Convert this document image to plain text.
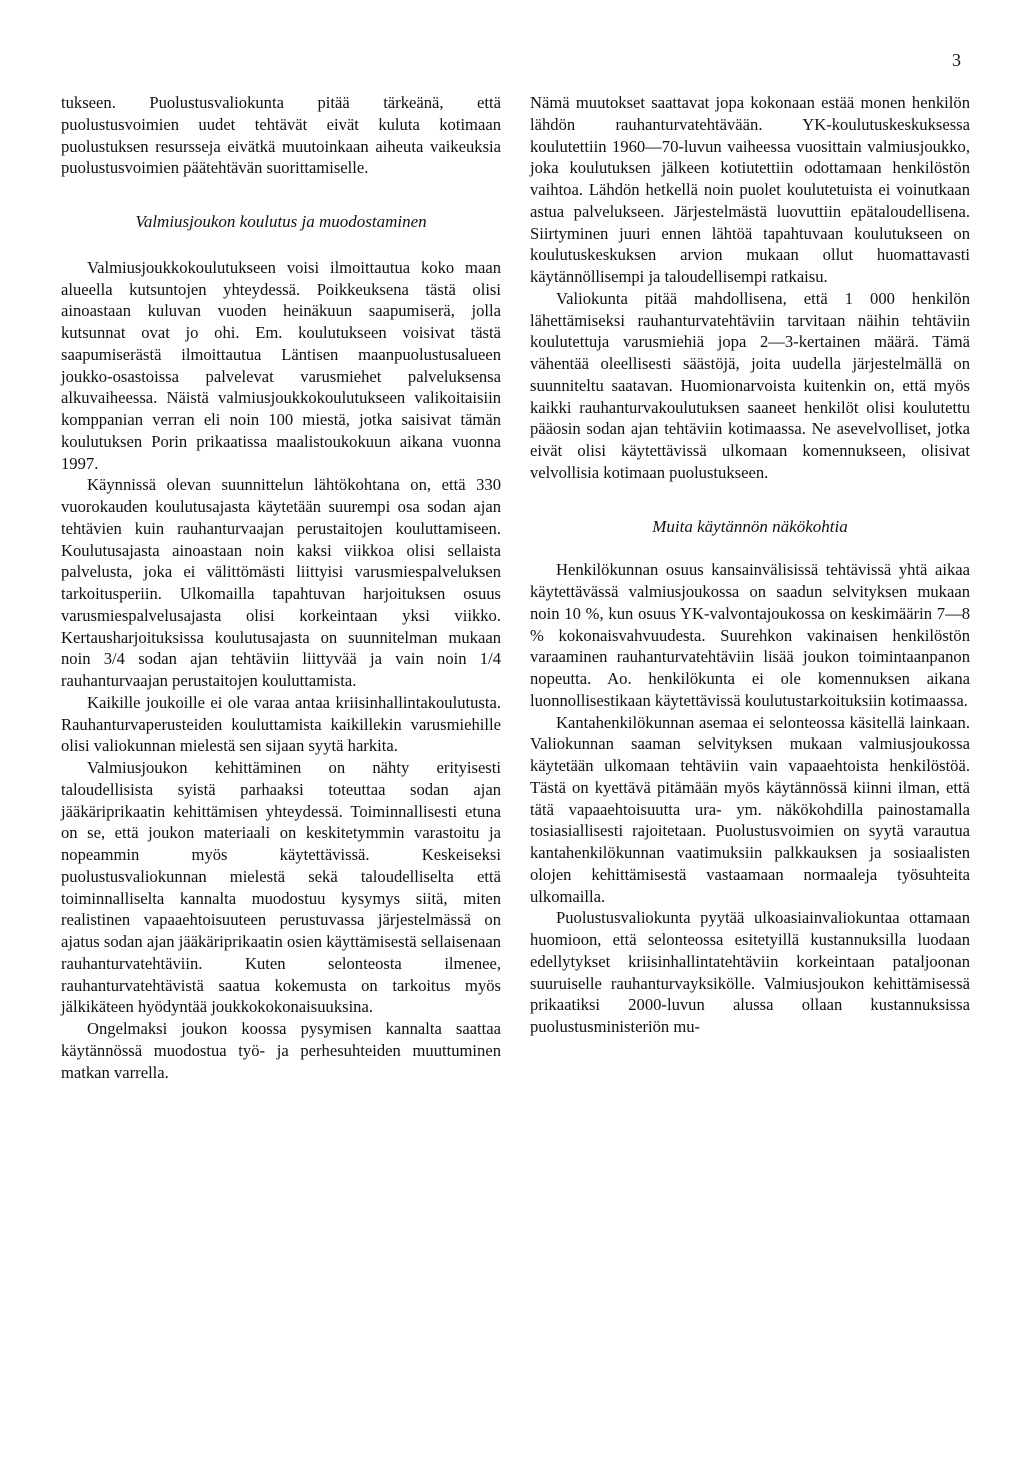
3

tukseen. Puolustusvaliokunta pitää tärkeänä, että puolustusvoimien uudet tehtävät eivät kuluta kotimaan puolustuksen resursseja eivätkä muutoinkaan aiheuta vaikeuksia puolustusvoimien päätehtävän suorittamiselle.

Valmiusjoukon koulutus ja muodostaminen

Valmiusjoukkokoulutukseen voisi ilmoittautua koko maan alueella kutsuntojen yhteydessä. Poikkeuksena tästä olisi ainoastaan kuluvan vuoden heinäkuun saapumiserä, jolla kutsunnat ovat jo ohi. Em. koulutukseen voisivat tästä saapumiserästä ilmoittautua Läntisen maanpuolustusalueen joukko-osastoissa palvelevat varusmiehet palveluksensa alkuvaiheessa. Näistä valmiusjoukkokoulutukseen valikoitaisiin komppanian verran eli noin 100 miestä, jotka saisivat tämän koulutuksen Porin prikaatissa maalistoukokuun aikana vuonna 1997.

Käynnissä olevan suunnittelun lähtökohtana on, että 330 vuorokauden koulutusajasta käytetään suurempi osa sodan ajan tehtävien kuin rauhanturvaajan perustaitojen kouluttamiseen. Koulutusajasta ainoastaan noin kaksi viikkoa olisi sellaista palvelusta, joka ei välittömästi liittyisi varusmiespalveluksen tarkoitusperiin. Ulkomailla tapahtuvan harjoituksen osuus varusmiespalvelusajasta olisi korkeintaan yksi viikko. Kertausharjoituksissa koulutusajasta on suunnitelman mukaan noin 3/4 sodan ajan tehtäviin liittyvää ja vain noin 1/4 rauhanturvaajan perustaitojen kouluttamista.

Kaikille joukoille ei ole varaa antaa kriisinhallintakoulutusta. Rauhanturvaperusteiden kouluttamista kaikillekin varusmiehille olisi valiokunnan mielestä sen sijaan syytä harkita.

Valmiusjoukon kehittäminen on nähty erityisesti taloudellisista syistä parhaaksi toteuttaa sodan ajan jääkäriprikaatin kehittämisen yhteydessä. Toiminnallisesti etuna on se, että joukon materiaali on keskitetymmin varastoitu ja nopeammin myös käytettävissä. Keskeiseksi puolustusvaliokunnan mielestä sekä taloudelliselta että toiminnalliselta kannalta muodostuu kysymys siitä, miten realistinen vapaaehtoisuuteen perustuvassa järjestelmässä on ajatus sodan ajan jääkäriprikaatin osien käyttämisestä sellaisenaan rauhanturvatehtäviin. Kuten selonteosta ilmenee, rauhanturvatehtävistä saatua kokemusta on tarkoitus myös jälkikäteen hyödyntää joukkokokonaisuuksina.

Ongelmaksi joukon koossa pysymisen kannalta saattaa käytännössä muodostua työ- ja perhesuhteiden muuttuminen matkan varrella.

Nämä muutokset saattavat jopa kokonaan estää monen henkilön lähdön rauhanturvatehtävään. YK-koulutuskeskuksessa koulutettiin 1960—70-luvun vaiheessa vuosittain valmiusjoukko, joka koulutuksen jälkeen kotiutettiin odottamaan henkilöstön vaihtoa. Lähdön hetkellä noin puolet koulutetuista ei voinutkaan astua palvelukseen. Järjestelmästä luovuttiin epätaloudellisena. Siirtyminen juuri ennen lähtöä tapahtuvaan koulutukseen on koulutuskeskuksen arvion mukaan ollut huomattavasti käytännöllisempi ja taloudellisempi ratkaisu.

Valiokunta pitää mahdollisena, että 1 000 henkilön lähettämiseksi rauhanturvatehtäviin tarvitaan näihin tehtäviin koulutettuja varusmiehiä jopa 2—3-kertainen määrä. Tämä vähentää oleellisesti säästöjä, joita uudella järjestelmällä on suunniteltu saatavan. Huomionarvoista kuitenkin on, että myös kaikki rauhanturvakoulutuksen saaneet henkilöt olisi koulutettu pääosin sodan ajan tehtäviin kotimaassa. Ne asevelvolliset, jotka eivät olisi käytettävissä ulkomaan komennukseen, olisivat velvollisia kotimaan puolustukseen.

Muita käytännön näkökohtia

Henkilökunnan osuus kansainvälisissä tehtävissä yhtä aikaa käytettävässä valmiusjoukossa on saadun selvityksen mukaan noin 10 %, kun osuus YK-valvontajoukossa on keskimäärin 7—8 % kokonaisvahvuudesta. Suurehkon vakinaisen henkilöstön varaaminen rauhanturvatehtäviin lisää joukon toimintaanpanon nopeutta. Ao. henkilökunta ei ole komennuksen aikana luonnollisestikaan käytettävissä koulutustarkoituksiin kotimaassa.

Kantahenkilökunnan asemaa ei selonteossa käsitellä lainkaan. Valiokunnan saaman selvityksen mukaan valmiusjoukossa käytetään ulkomaan tehtäviin vain vapaaehtoista henkilöstöä. Tästä on kyettävä pitämään myös käytännössä kiinni ilman, että tätä vapaaehtoisuutta ura- ym. näkökohdilla painostamalla tosiasiallisesti rajoitetaan. Puolustusvoimien on syytä varautua kantahenkilökunnan vaatimuksiin palkkauksen ja sosiaalisten olojen kehittämisestä vastaamaan normaaleja työsuhteita ulkomailla.

Puolustusvaliokunta pyytää ulkoasiainvaliokuntaa ottamaan huomioon, että selonteossa esitetyillä kustannuksilla luodaan edellytykset kriisinhallintatehtäviin korkeintaan pataljoonan suuruiselle rauhanturvayksikölle. Valmiusjoukon kehittämisessä prikaatiksi 2000-luvun alussa ollaan kustannuksissa puolustusministeriön mu-
